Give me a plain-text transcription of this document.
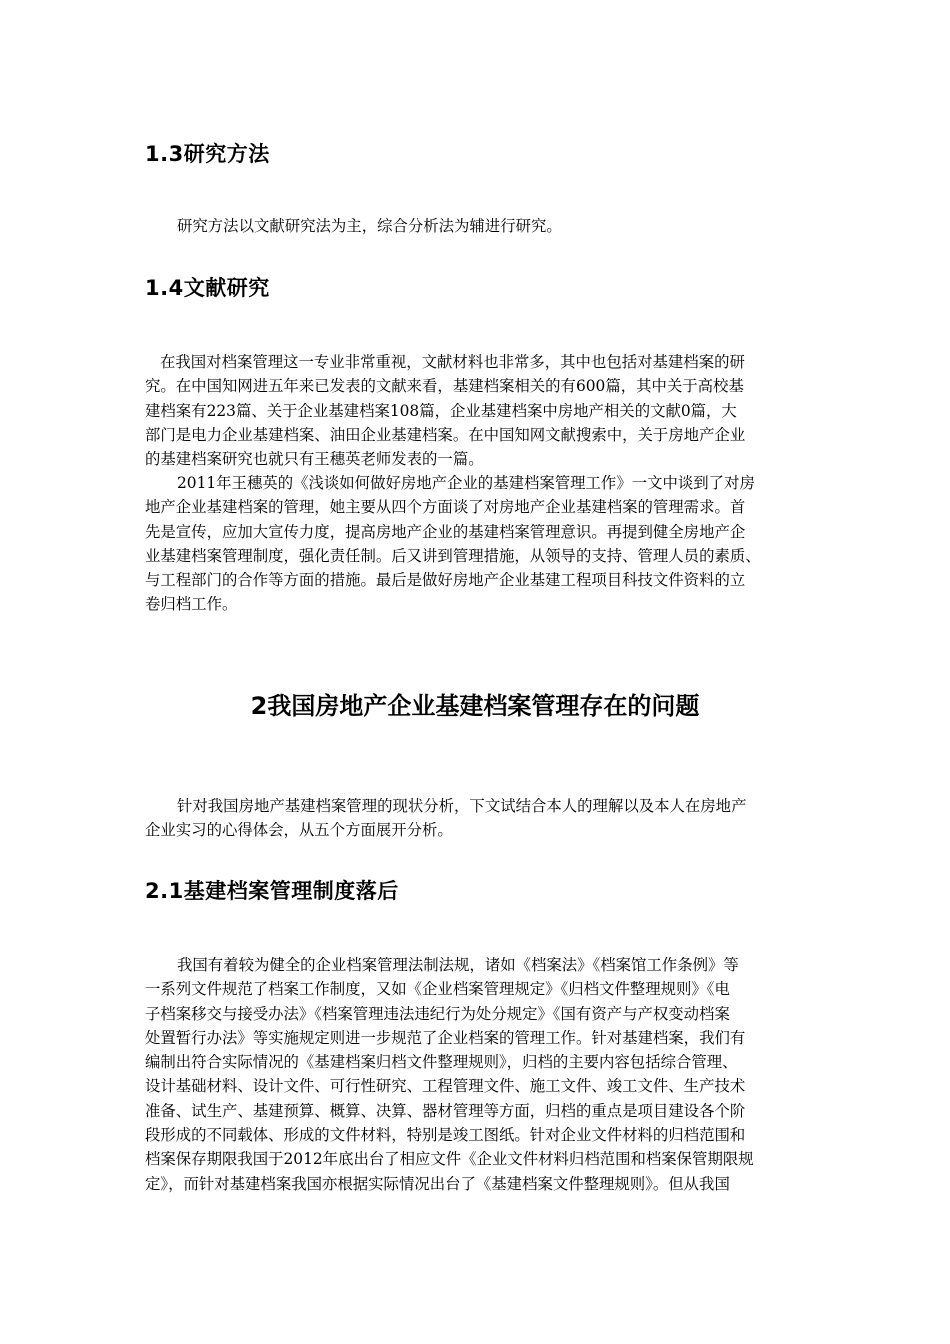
1.3研究方法
研究方法以文献研究法为主，综合分析法为辅进行研究。
1.4文献研究
在我国对档案管理这一专业非常重视，文献材料也非常多，其中也包括对基建档案的研
究。在中国知网进五年来已发表的文献来看，基建档案相关的有600篇，其中关于高校基
建档案有223篇、关于企业基建档案108篇，企业基建档案中房地产相关的文献0篇，大
部门是电力企业基建档案、油田企业基建档案。在中国知网文献搜索中，关于房地产企业
的基建档案研究也就只有王穗英老师发表的一篇。
2011年王穗英的《浅谈如何做好房地产企业的基建档案管理工作》一文中谈到了对房
地产企业基建档案的管理，她主要从四个方面谈了对房地产企业基建档案的管理需求。首
先是宣传，应加大宣传力度，提高房地产企业的基建档案管理意识。再提到健全房地产企
业基建档案管理制度，强化责任制。后又讲到管理措施，从领导的支持、管理人员的素质、
与工程部门的合作等方面的措施。最后是做好房地产企业基建工程项目科技文件资料的立
卷归档工作。
2我国房地产企业基建档案管理存在的问题
针对我国房地产基建档案管理的现状分析，下文试结合本人的理解以及本人在房地产
企业实习的心得体会，从五个方面展开分析。
2.1基建档案管理制度落后
我国有着较为健全的企业档案管理法制法规，诸如《档案法》《档案馆工作条例》等
一系列文件规范了档案工作制度，又如《企业档案管理规定》《归档文件整理规则》《电
子档案移交与接受办法》《档案管理违法违纪行为处分规定》《国有资产与产权变动档案
处置暂行办法》等实施规定则进一步规范了企业档案的管理工作。针对基建档案，我们有
编制出符合实际情况的《基建档案归档文件整理规则》，归档的主要内容包括综合管理、
设计基础材料、设计文件、可行性研究、工程管理文件、施工文件、竣工文件、生产技术
准备、试生产、基建预算、概算、决算、器材管理等方面，归档的重点是项目建设各个阶
段形成的不同载体、形成的文件材料，特别是竣工图纸。针对企业文件材料的归档范围和
档案保存期限我国于2012年底出台了相应文件《企业文件材料归档范围和档案保管期限规
定》，而针对基建档案我国亦根据实际情况出台了《基建档案文件整理规则》。但从我国
